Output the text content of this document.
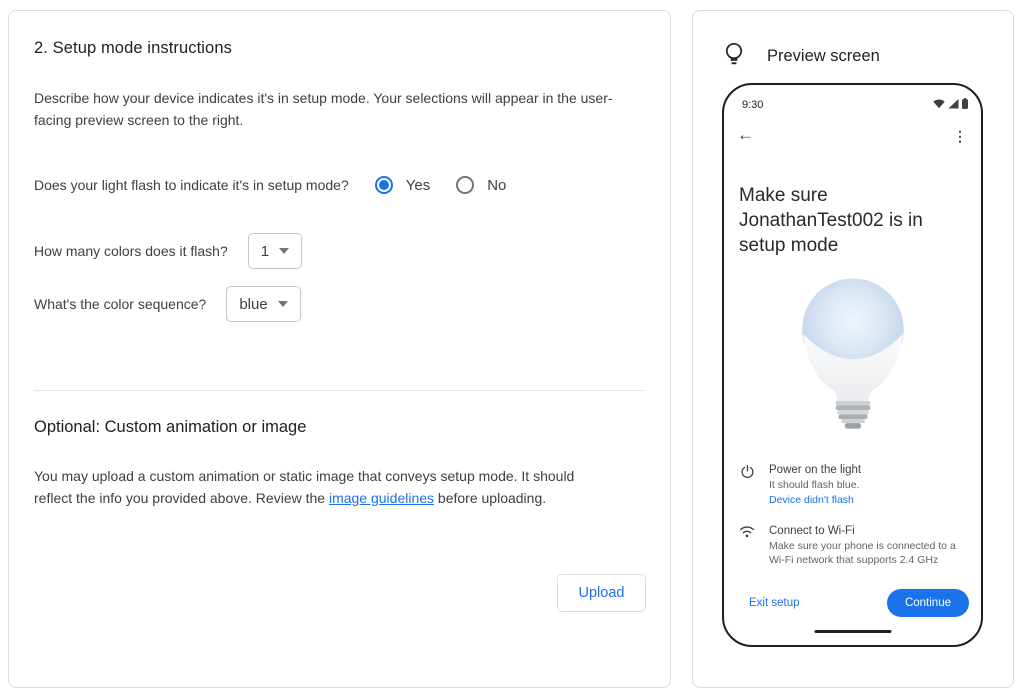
2. Setup mode instructions

Describe how your device indicates it's in setup mode. Your selections will appear in the user-facing preview screen to the right.

Does your light flash to indicate it's in setup mode?	Yes	No
How many colors does it flash? 1
What's the color sequence? blue
Optional: Custom animation or image

You may upload a custom animation or static image that conveys setup mode. It should reflect the info you provided above. Review the image guidelines before uploading.

Upload
Preview screen
9:30
←	⋮
Make sure JonathanTest002 is in setup mode
Power on the light
It should flash blue.
Device didn't flash
Connect to Wi-Fi
Make sure your phone is connected to a Wi-Fi network that supports 2.4 GHz
Exit setup	Continue
